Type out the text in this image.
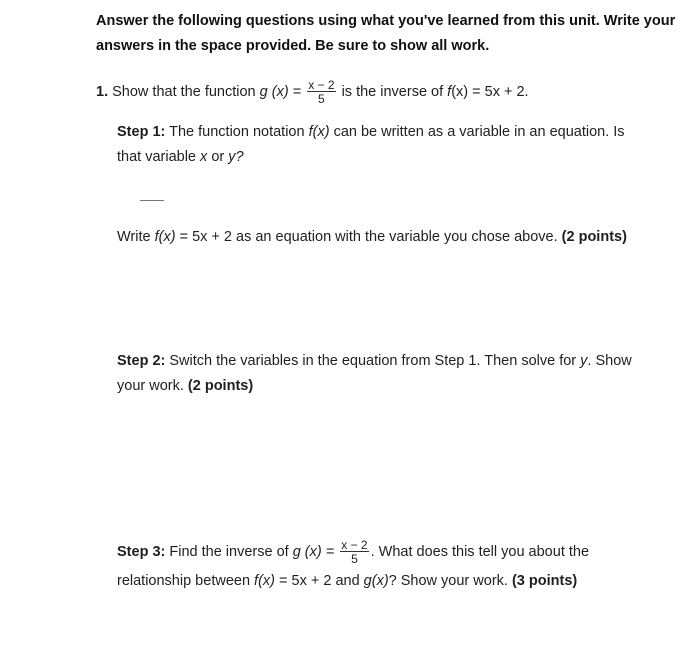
Answer the following questions using what you've learned from this unit. Write your
answers in the space provided. Be sure to show all work.
1. Show that the function g $(x) = \frac{x - 2}{5}$ is the inverse of f(x) = 5x + 2.
Step 1: The function notation f(x) can be written as a variable in an equation. Is
that variable x or y?
Write f(x) = 5x + 2 as an equation with the variable you chose above. (2 points)
Step 2: Switch the variables in the equation from Step 1. Then solve for y. Show
your work. (2 points)
Step 3: Find the inverse of g $(x) = \frac{x - 2}{5}$ . What does this tell you about the
relationship between f(x) = 5x + 2 and g(x)? Show your work. (3 points)
